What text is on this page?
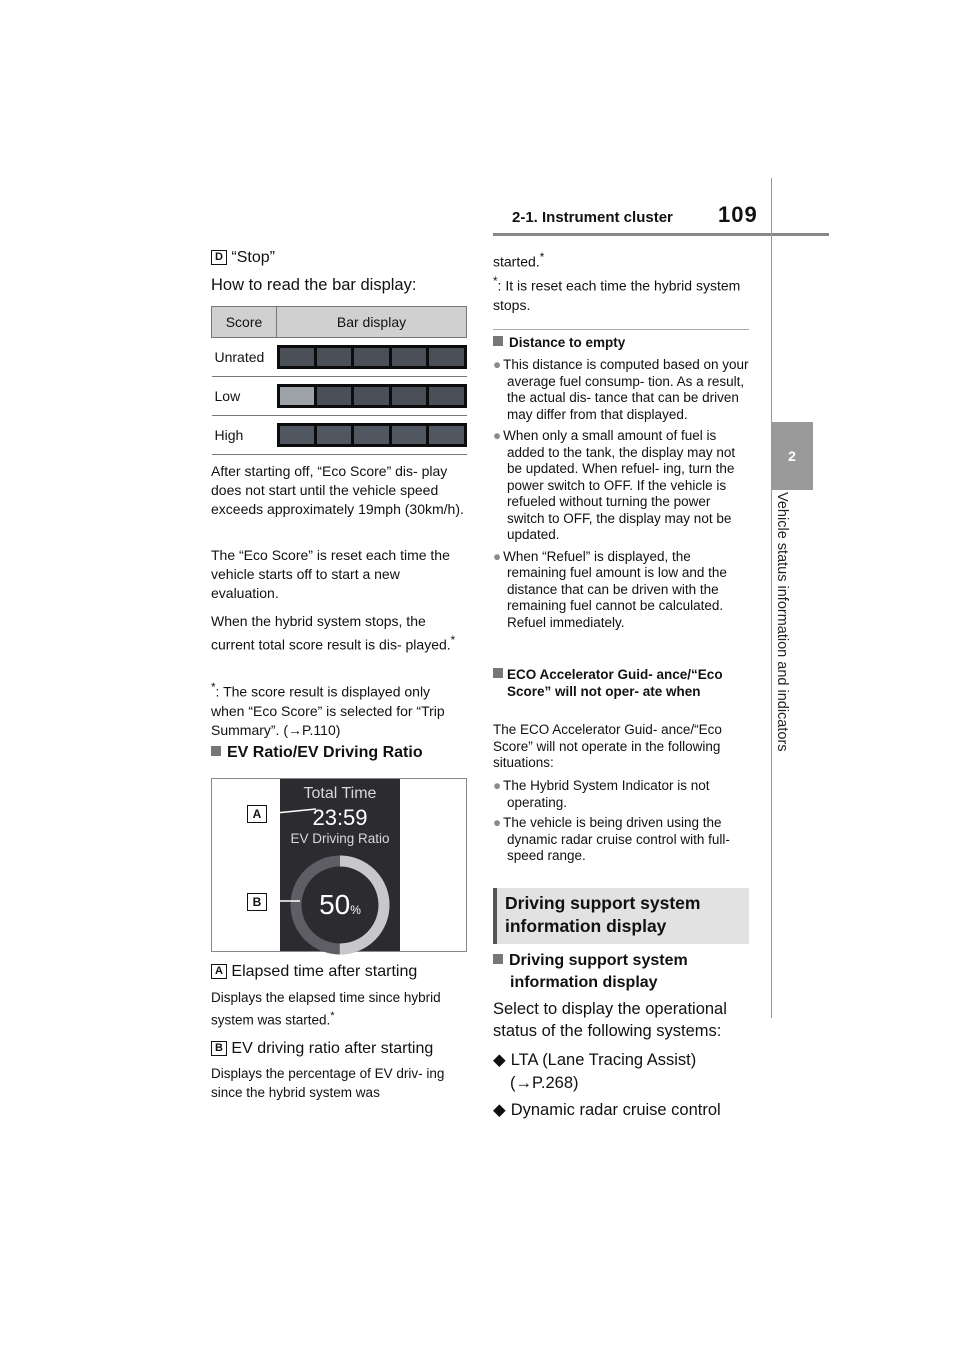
2-1. Instrument cluster 109
2
Vehicle status information and indicators
D “Stop”
How to read the bar display:
Score	Bar display
Unrated	

Low	

High	
After starting off, “Eco Score” dis- play does not start until the vehicle speed exceeds approximately 19mph (30km/h).
The “Eco Score” is reset each time the vehicle starts off to start a new evaluation.
When the hybrid system stops, the current total score result is dis- played.*
*: The score result is displayed only when “Eco Score” is selected for “Trip Summary”. (→P.110)
EV Ratio/EV Driving Ratio
Total Time
23:59
EV Driving Ratio
50%
A
B
A Elapsed time after starting
Displays the elapsed time since hybrid system was started.*
B EV driving ratio after starting
Displays the percentage of EV driv- ing since the hybrid system was
started.*
*: It is reset each time the hybrid system stops.
Distance to empty
● This distance is computed based on your average fuel consump- tion. As a result, the actual dis- tance that can be driven may differ from that displayed.
● When only a small amount of fuel is added to the tank, the display may not be updated. When refuel- ing, turn the power switch to OFF. If the vehicle is refueled without turning the power switch to OFF, the display may not be updated.
● When “Refuel” is displayed, the remaining fuel amount is low and the distance that can be driven with the remaining fuel cannot be calculated. Refuel immediately.
ECO Accelerator Guid- ance/“Eco Score” will not oper- ate when
The ECO Accelerator Guid- ance/“Eco Score” will not operate in the following situations:
● The Hybrid System Indicator is not operating.
● The vehicle is being driven using the dynamic radar cruise control with full-speed range.
Driving support system information display
Driving support system information display
Select to display the operational status of the following systems:
◆ LTA (Lane Tracing Assist)
(→P.268)
◆ Dynamic radar cruise control
